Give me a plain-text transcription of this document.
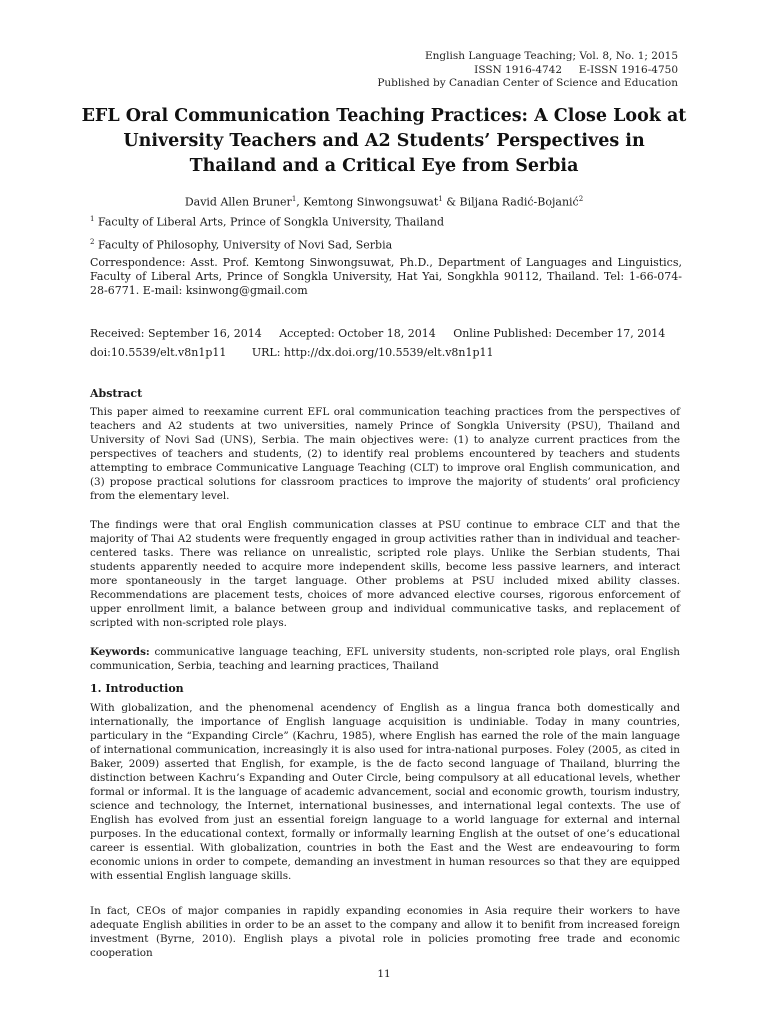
English Language Teaching; Vol. 8, No. 1; 2015
ISSN 1916-4742     E-ISSN 1916-4750
Published by Canadian Center of Science and Education
EFL Oral Communication Teaching Practices: A Close Look at University Teachers and A2 Students’ Perspectives in Thailand and a Critical Eye from Serbia
David Allen Bruner$^1$, Kemtong Sinwongsuwat$^1$ & Biljana Radić-Bojanić$^2$
$^1$ Faculty of Liberal Arts, Prince of Songkla University, Thailand
$^2$ Faculty of Philosophy, University of Novi Sad, Serbia
Correspondence: Asst. Prof. Kemtong Sinwongsuwat, Ph.D., Department of Languages and Linguistics, Faculty of Liberal Arts, Prince of Songkla University, Hat Yai, Songkhla 90112, Thailand. Tel: 1-66-074-28-6771. E-mail: ksinwong@gmail.com
Received: September 16, 2014 Accepted: October 18, 2014 Online Published: December 17, 2014
doi:10.5539/elt.v8n1p11 URL: http://dx.doi.org/10.5539/elt.v8n1p11
Abstract

This paper aimed to reexamine current EFL oral communication teaching practices from the perspectives of teachers and A2 students at two universities, namely Prince of Songkla University (PSU), Thailand and University of Novi Sad (UNS), Serbia. The main objectives were: (1) to analyze current practices from the perspectives of teachers and students, (2) to identify real problems encountered by teachers and students attempting to embrace Communicative Language Teaching (CLT) to improve oral English communication, and (3) propose practical solutions for classroom practices to improve the majority of students’ oral proficiency from the elementary level.

The findings were that oral English communication classes at PSU continue to embrace CLT and that the majority of Thai A2 students were frequently engaged in group activities rather than in individual and teacher-centered tasks. There was reliance on unrealistic, scripted role plays. Unlike the Serbian students, Thai students apparently needed to acquire more independent skills, become less passive learners, and interact more spontaneously in the target language. Other problems at PSU included mixed ability classes. Recommendations are placement tests, choices of more advanced elective courses, rigorous enforcement of upper enrollment limit, a balance between group and individual communicative tasks, and replacement of scripted with non-scripted role plays.

Keywords: communicative language teaching, EFL university students, non-scripted role plays, oral English communication, Serbia, teaching and learning practices, Thailand

1. Introduction

With globalization, and the phenomenal acendency of English as a lingua franca both domestically and internationally, the importance of English language acquisition is undiniable. Today in many countries, particulary in the “Expanding Circle” (Kachru, 1985), where English has earned the role of the main language of international communication, increasingly it is also used for intra-national purposes. Foley (2005, as cited in Baker, 2009) asserted that English, for example, is the de facto second language of Thailand, blurring the distinction between Kachru’s Expanding and Outer Circle, being compulsory at all educational levels, whether formal or informal. It is the language of academic advancement, social and economic growth, tourism industry, science and technology, the Internet, international businesses, and international legal contexts. The use of English has evolved from just an essential foreign language to a world language for external and internal purposes. In the educational context, formally or informally learning English at the outset of one’s educational career is essential. With globalization, countries in both the East and the West are endeavouring to form economic unions in order to compete, demanding an investment in human resources so that they are equipped with essential English language skills.

In fact, CEOs of major companies in rapidly expanding economies in Asia require their workers to have adequate English abilities in order to be an asset to the company and allow it to benifit from increased foreign investment (Byrne, 2010). English plays a pivotal role in policies promoting free trade and economic cooperation

11
